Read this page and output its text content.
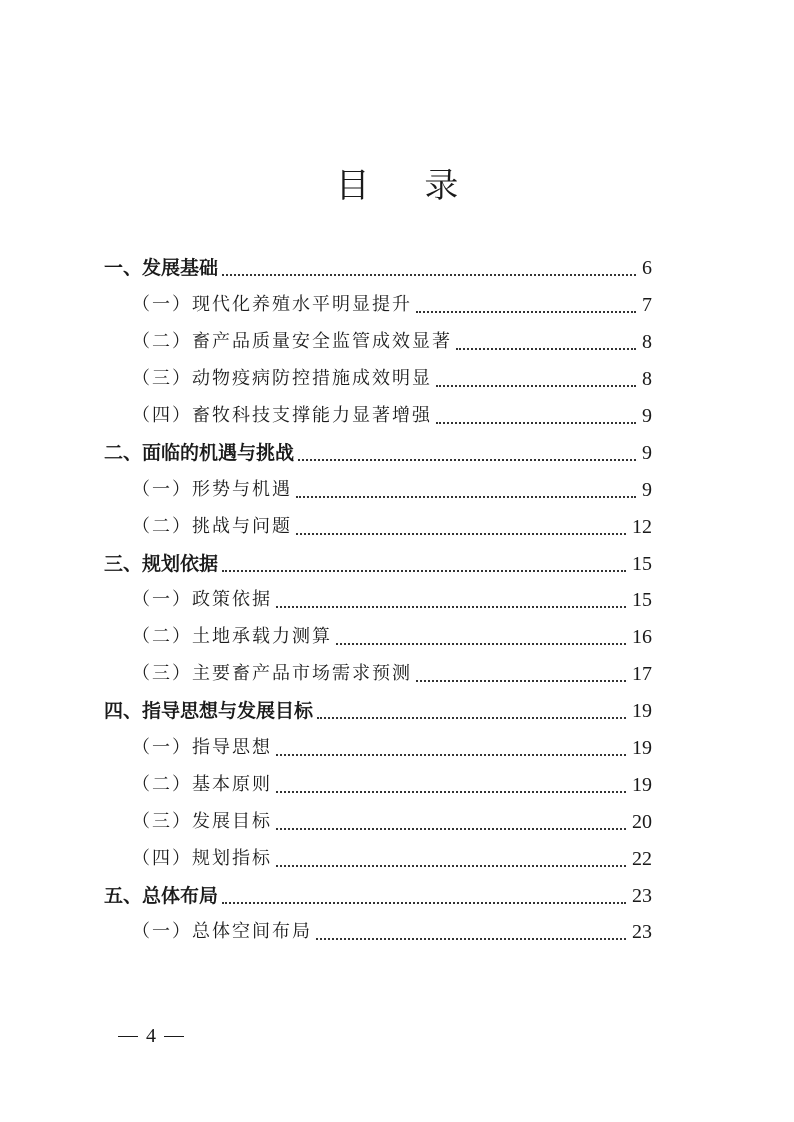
目 录
一、发展基础	6
（一）现代化养殖水平明显提升	7
（二）畜产品质量安全监管成效显著	8
（三）动物疫病防控措施成效明显	8
（四）畜牧科技支撑能力显著增强	9
二、面临的机遇与挑战	9
（一）形势与机遇	9
（二）挑战与问题	12
三、规划依据	15
（一）政策依据	15
（二）土地承载力测算	16
（三）主要畜产品市场需求预测	17
四、指导思想与发展目标	19
（一）指导思想	19
（二）基本原则	19
（三）发展目标	20
（四）规划指标	22
五、总体布局	23
（一）总体空间布局	23
4
